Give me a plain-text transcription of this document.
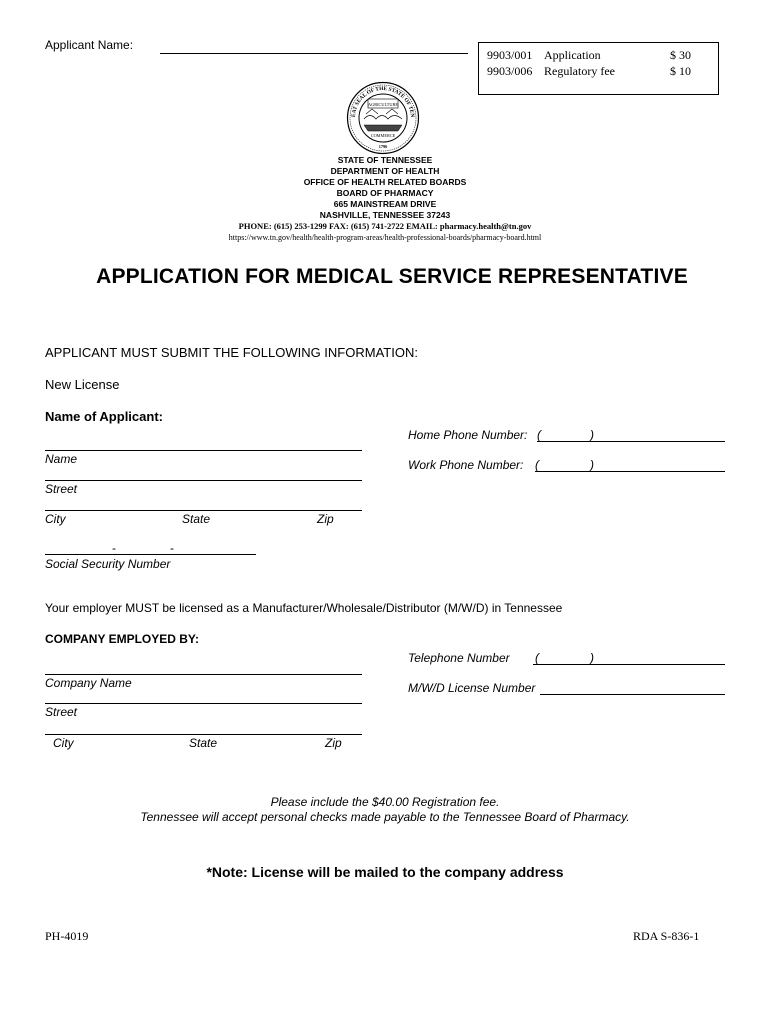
Applicant Name:
9903/001 Application	$ 30
9903/006 Regulatory fee	$ 10
EAT SEAL OF THE STATE OF TEN
AGRICULTURE
COMMERCE
1796
STATE OF TENNESSEE
DEPARTMENT OF HEALTH
OFFICE OF HEALTH RELATED BOARDS
BOARD OF PHARMACY
665 MAINSTREAM DRIVE
NASHVILLE, TENNESSEE 37243
PHONE: (615) 253-1299 FAX: (615) 741-2722 EMAIL: pharmacy.health@tn.gov
https://www.tn.gov/health/health-program-areas/health-professional-boards/pharmacy-board.html
APPLICATION FOR MEDICAL SERVICE REPRESENTATIVE
APPLICANT MUST SUBMIT THE FOLLOWING INFORMATION:
New License
Name of Applicant:
Name
Street
City	State	Zip
-	-
Social Security Number
Home Phone Number: (	)
Work Phone Number: (	)
Your employer MUST be licensed as a Manufacturer/Wholesale/Distributor (M/W/D) in Tennessee
COMPANY EMPLOYED BY:
Telephone Number (	)
M/W/D License Number
Company Name
Street
City	State	Zip
Please include the $40.00 Registration fee.
Tennessee will accept personal checks made payable to the Tennessee Board of Pharmacy.
*Note: License will be mailed to the company address
PH-4019	RDA S-836-1
